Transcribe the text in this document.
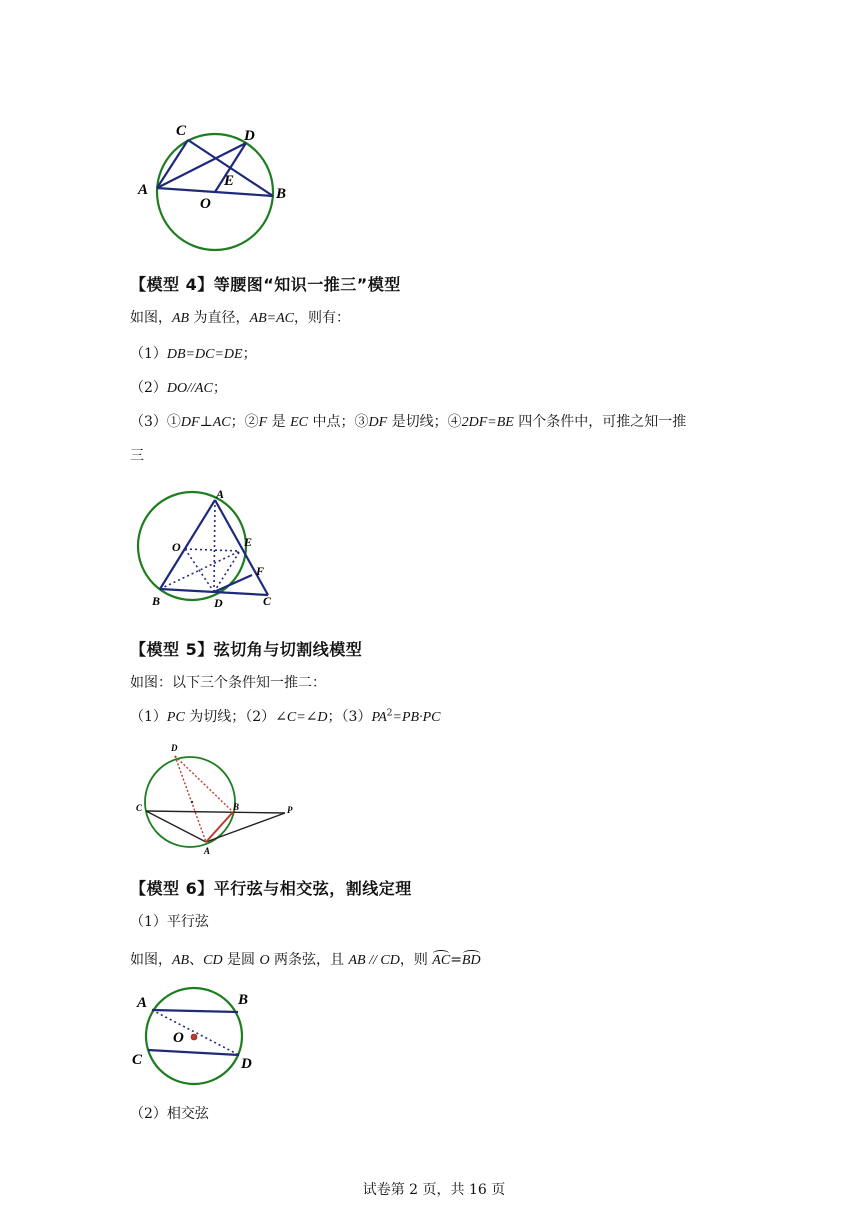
C	D
A
E
B
O
【模型 4】等腰图“知识一推三”模型
如图，AB 为直径，AB=AC，则有：
（1）DB=DC=DE；
（2）DO//AC；
（3）①DF⊥AC；②F 是 EC 中点；③DF 是切线；④2DF=BE 四个条件中，可推之知一推
三
A
O	E
F
B	D	C
【模型 5】弦切角与切割线模型
如图：以下三个条件知一推二：
（1）PC 为切线；（2）∠C=∠D；$(3)PA^2=PB\cdot PC$
D
C	B	P
A
【模型 6】平行弦与相交弦，割线定理
（1）平行弦
如图，AB、CD 是圆 O 两条弦，且 AB // CD，则 AC=BD
A	B
O
C	D
（2）相交弦
试卷第 2 页，共 16 页
